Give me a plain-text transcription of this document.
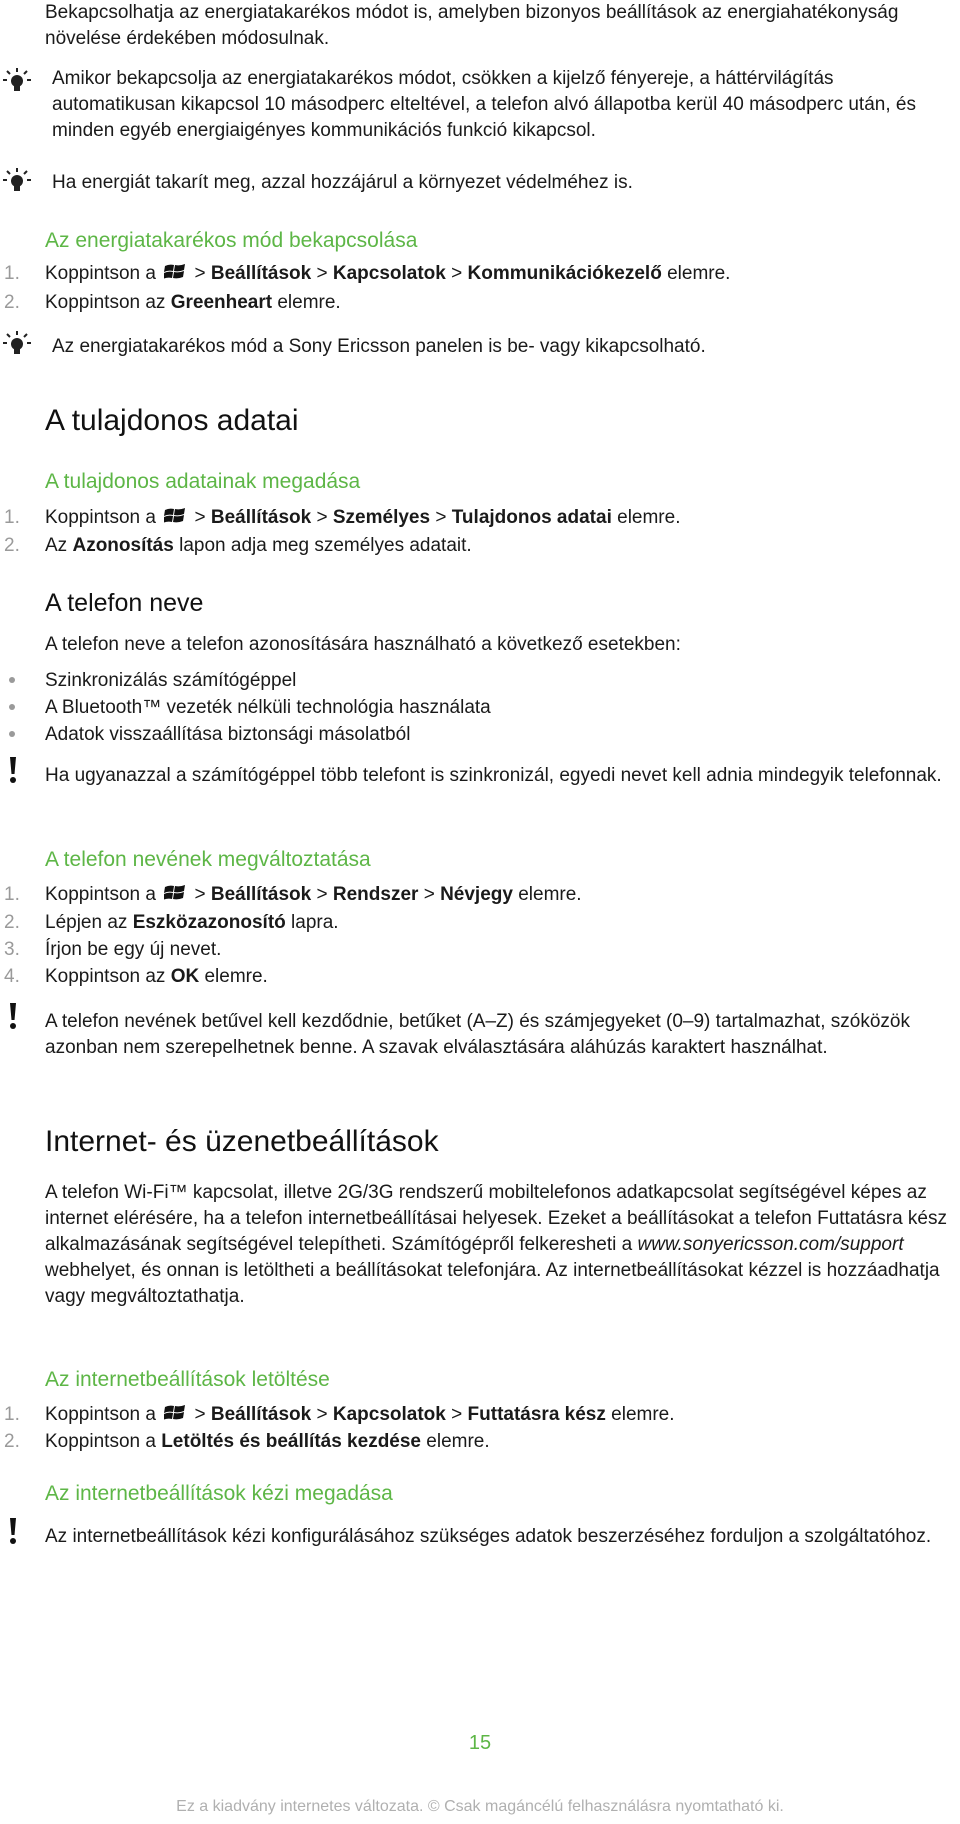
Bekapcsolhatja az energiatakarékos módot is, amelyben bizonyos beállítások az energiahatékonyság növelése érdekében módosulnak.
Amikor bekapcsolja az energiatakarékos módot, csökken a kijelző fényereje, a háttérvilágítás automatikusan kikapcsol 10 másodperc elteltével, a telefon alvó állapotba kerül 40 másodperc után, és minden egyéb energiaigényes kommunikációs funkció kikapcsol.
Ha energiát takarít meg, azzal hozzájárul a környezet védelméhez is.
Az energiatakarékos mód bekapcsolása
1. Koppintson a > Beállítások > Kapcsolatok > Kommunikációkezelő elemre.
2. Koppintson az Greenheart elemre.
Az energiatakarékos mód a Sony Ericsson panelen is be- vagy kikapcsolható.
A tulajdonos adatai
A tulajdonos adatainak megadása
1. Koppintson a > Beállítások > Személyes > Tulajdonos adatai elemre.
2. Az Azonosítás lapon adja meg személyes adatait.
A telefon neve
A telefon neve a telefon azonosítására használható a következő esetekben:
Szinkronizálás számítógéppel
A Bluetooth™ vezeték nélküli technológia használata
Adatok visszaállítása biztonsági másolatból
Ha ugyanazzal a számítógéppel több telefont is szinkronizál, egyedi nevet kell adnia mindegyik telefonnak.
A telefon nevének megváltoztatása
1. Koppintson a > Beállítások > Rendszer > Névjegy elemre.
2. Lépjen az Eszközazonosító lapra.
3. Írjon be egy új nevet.
4. Koppintson az OK elemre.
A telefon nevének betűvel kell kezdődnie, betűket (A–Z) és számjegyeket (0–9) tartalmazhat, szóközök azonban nem szerepelhetnek benne. A szavak elválasztására aláhúzás karaktert használhat.
Internet- és üzenetbeállítások
A telefon Wi-Fi™ kapcsolat, illetve 2G/3G rendszerű mobiltelefonos adatkapcsolat segítségével képes az internet elérésére, ha a telefon internetbeállításai helyesek. Ezeket a beállításokat a telefon Futtatásra kész alkalmazásának segítségével telepítheti. Számítógépről felkeresheti a www.sonyericsson.com/support webhelyet, és onnan is letöltheti a beállításokat telefonjára. Az internetbeállításokat kézzel is hozzáadhatja vagy megváltoztathatja.
Az internetbeállítások letöltése
1. Koppintson a > Beállítások > Kapcsolatok > Futtatásra kész elemre.
2. Koppintson a Letöltés és beállítás kezdése elemre.
Az internetbeállítások kézi megadása
Az internetbeállítások kézi konfigurálásához szükséges adatok beszerzéséhez forduljon a szolgáltatóhoz.
15
Ez a kiadvány internetes változata. © Csak magáncélú felhasználásra nyomtatható ki.
